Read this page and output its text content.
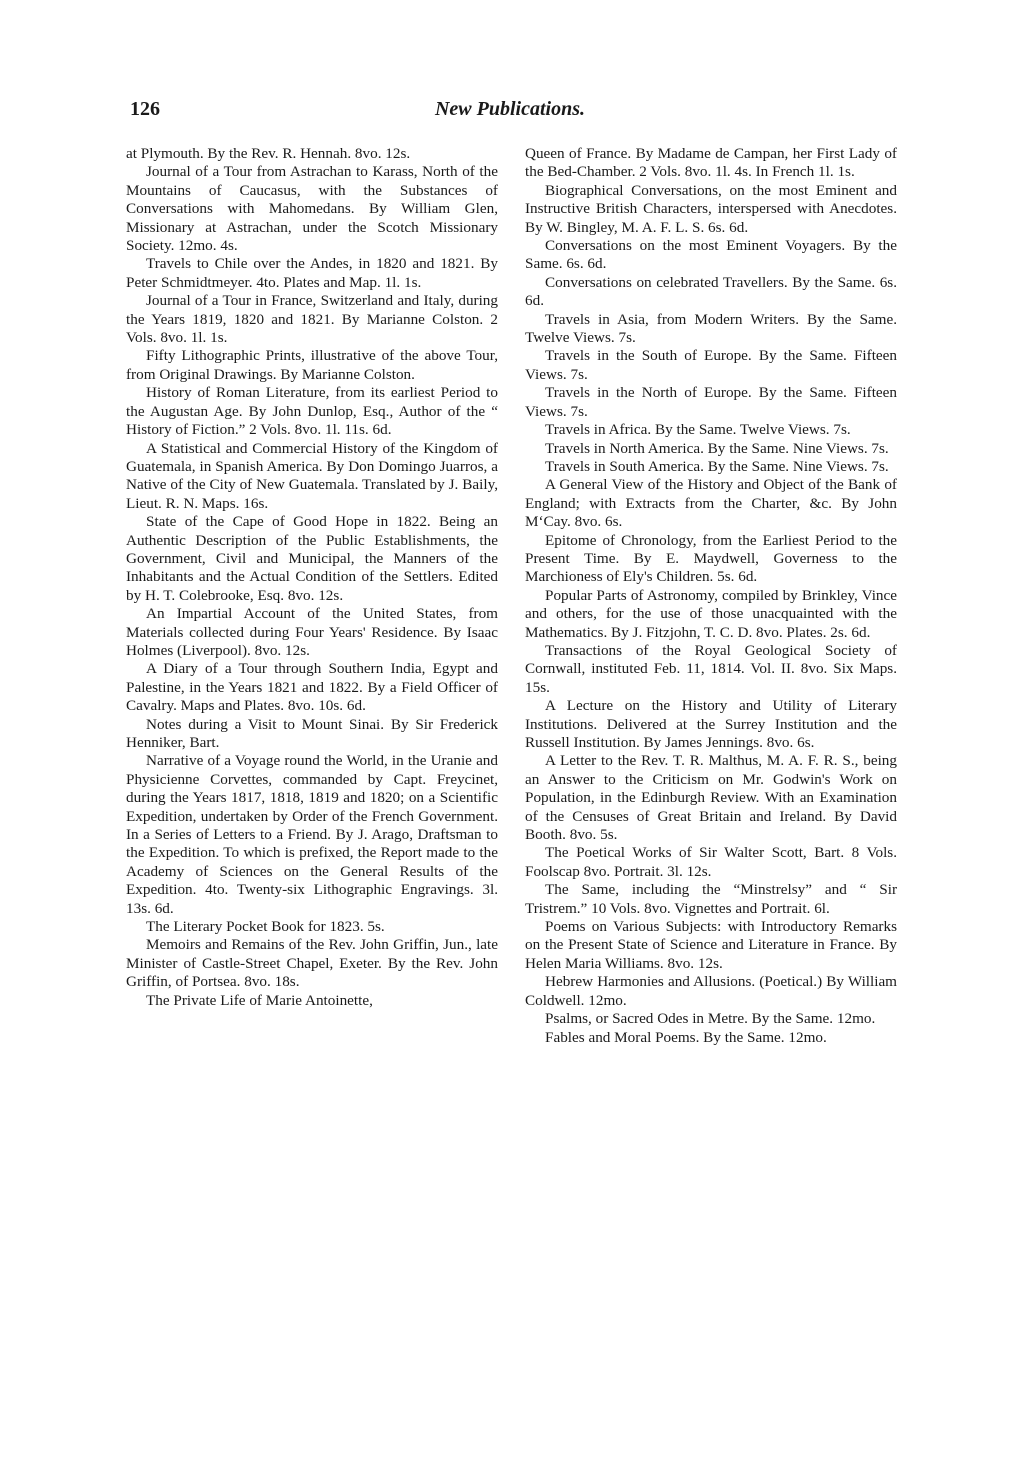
126	New Publications.

at Plymouth. By the Rev. R. Hennah. 8vo. 12s.

Journal of a Tour from Astrachan to Karass, North of the Mountains of Caucasus, with the Substances of Conversations with Mahomedans. By William Glen, Missionary at Astrachan, under the Scotch Missionary Society. 12mo. 4s.

Travels to Chile over the Andes, in 1820 and 1821. By Peter Schmidtmeyer. 4to. Plates and Map. 1l. 1s.

Journal of a Tour in France, Switzerland and Italy, during the Years 1819, 1820 and 1821. By Marianne Colston. 2 Vols. 8vo. 1l. 1s.

Fifty Lithographic Prints, illustrative of the above Tour, from Original Drawings. By Marianne Colston.

History of Roman Literature, from its earliest Period to the Augustan Age. By John Dunlop, Esq., Author of the “ History of Fiction.” 2 Vols. 8vo. 1l. 11s. 6d.

A Statistical and Commercial History of the Kingdom of Guatemala, in Spanish America. By Don Domingo Juarros, a Native of the City of New Guatemala. Translated by J. Baily, Lieut. R. N. Maps. 16s.

State of the Cape of Good Hope in 1822. Being an Authentic Description of the Public Establishments, the Government, Civil and Municipal, the Manners of the Inhabitants and the Actual Condition of the Settlers. Edited by H. T. Colebrooke, Esq. 8vo. 12s.

An Impartial Account of the United States, from Materials collected during Four Years' Residence. By Isaac Holmes (Liverpool). 8vo. 12s.

A Diary of a Tour through Southern India, Egypt and Palestine, in the Years 1821 and 1822. By a Field Officer of Cavalry. Maps and Plates. 8vo. 10s. 6d.

Notes during a Visit to Mount Sinai. By Sir Frederick Henniker, Bart.

Narrative of a Voyage round the World, in the Uranie and Physicienne Corvettes, commanded by Capt. Freycinet, during the Years 1817, 1818, 1819 and 1820; on a Scientific Expedition, undertaken by Order of the French Government. In a Series of Letters to a Friend. By J. Arago, Draftsman to the Expedition. To which is prefixed, the Report made to the Academy of Sciences on the General Results of the Expedition. 4to. Twenty-six Lithographic Engravings. 3l. 13s. 6d.

The Literary Pocket Book for 1823. 5s.

Memoirs and Remains of the Rev. John Griffin, Jun., late Minister of Castle-Street Chapel, Exeter. By the Rev. John Griffin, of Portsea. 8vo. 18s.

The Private Life of Marie Antoinette,

Queen of France. By Madame de Campan, her First Lady of the Bed-Chamber. 2 Vols. 8vo. 1l. 4s. In French 1l. 1s.

Biographical Conversations, on the most Eminent and Instructive British Characters, interspersed with Anecdotes. By W. Bingley, M. A. F. L. S. 6s. 6d.

Conversations on the most Eminent Voyagers. By the Same. 6s. 6d.

Conversations on celebrated Travellers. By the Same. 6s. 6d.

Travels in Asia, from Modern Writers. By the Same. Twelve Views. 7s.

Travels in the South of Europe. By the Same. Fifteen Views. 7s.

Travels in the North of Europe. By the Same. Fifteen Views. 7s.

Travels in Africa. By the Same. Twelve Views. 7s.

Travels in North America. By the Same. Nine Views. 7s.

Travels in South America. By the Same. Nine Views. 7s.

A General View of the History and Object of the Bank of England; with Extracts from the Charter, &c. By John M‘Cay. 8vo. 6s.

Epitome of Chronology, from the Earliest Period to the Present Time. By E. Maydwell, Governess to the Marchioness of Ely's Children. 5s. 6d.

Popular Parts of Astronomy, compiled by Brinkley, Vince and others, for the use of those unacquainted with the Mathematics. By J. Fitzjohn, T. C. D. 8vo. Plates. 2s. 6d.

Transactions of the Royal Geological Society of Cornwall, instituted Feb. 11, 1814. Vol. II. 8vo. Six Maps. 15s.

A Lecture on the History and Utility of Literary Institutions. Delivered at the Surrey Institution and the Russell Institution. By James Jennings. 8vo. 6s.

A Letter to the Rev. T. R. Malthus, M. A. F. R. S., being an Answer to the Criticism on Mr. Godwin's Work on Population, in the Edinburgh Review. With an Examination of the Censuses of Great Britain and Ireland. By David Booth. 8vo. 5s.

The Poetical Works of Sir Walter Scott, Bart. 8 Vols. Foolscap 8vo. Portrait. 3l. 12s.

The Same, including the “Minstrelsy” and “ Sir Tristrem.” 10 Vols. 8vo. Vignettes and Portrait. 6l.

Poems on Various Subjects: with Introductory Remarks on the Present State of Science and Literature in France. By Helen Maria Williams. 8vo. 12s.

Hebrew Harmonies and Allusions. (Poetical.) By William Coldwell. 12mo.

Psalms, or Sacred Odes in Metre. By the Same. 12mo.

Fables and Moral Poems. By the Same. 12mo.
